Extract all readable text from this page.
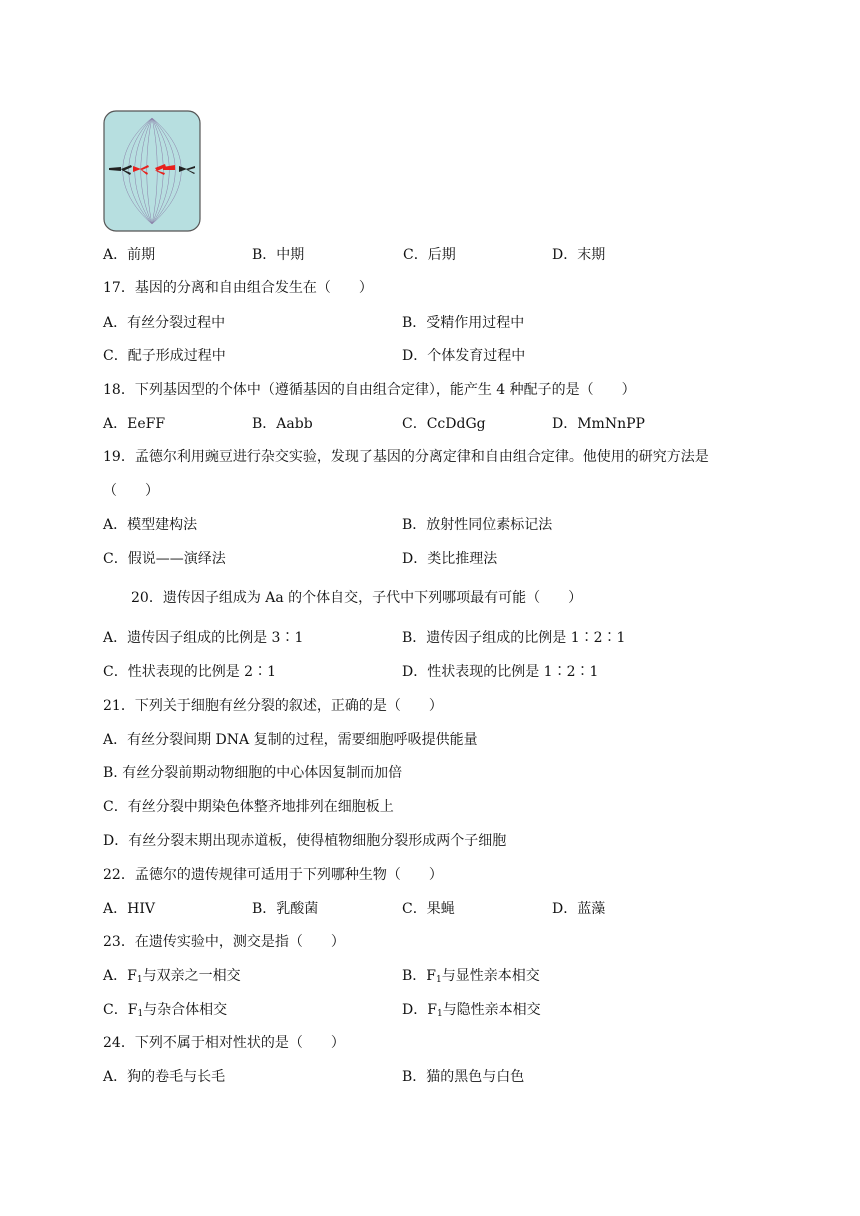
A．前期	B．中期	C．后期	D．末期
17．基因的分离和自由组合发生在（　　）
A．有丝分裂过程中	B．受精作用过程中
C．配子形成过程中	D．个体发育过程中
18．下列基因型的个体中（遵循基因的自由组合定律），能产生 4 种配子的是（　　）
A．EeFF	B．Aabb	C．CcDdGg	D．MmNnPP
19．孟德尔利用豌豆进行杂交实验，发现了基因的分离定律和自由组合定律。他使用的研究方法是
（　　）
A．模型建构法	B．放射性同位素标记法
C．假说——演绎法	D．类比推理法
20．遗传因子组成为 Aa 的个体自交，子代中下列哪项最有可能（　　）
A．遗传因子组成的比例是 3∶1	B．遗传因子组成的比例是 1∶2∶1
C．性状表现的比例是 2∶1	D．性状表现的比例是 1∶2∶1
21．下列关于细胞有丝分裂的叙述，正确的是（　　）
A．有丝分裂间期 DNA 复制的过程，需要细胞呼吸提供能量
B. 有丝分裂前期动物细胞的中心体因复制而加倍
C．有丝分裂中期染色体整齐地排列在细胞板上
D．有丝分裂末期出现赤道板，使得植物细胞分裂形成两个子细胞
22．孟德尔的遗传规律可适用于下列哪种生物（　　）
A．HIV	B．乳酸菌	C．果蝇	D．蓝藻
23．在遗传实验中，测交是指（　　）
A．$F_1$与双亲之一相交	B．$F_1$与显性亲本相交
C．$F_1$与杂合体相交	D．$F_1$与隐性亲本相交
24．下列不属于相对性状的是（　　）
A．狗的卷毛与长毛	B．猫的黑色与白色
